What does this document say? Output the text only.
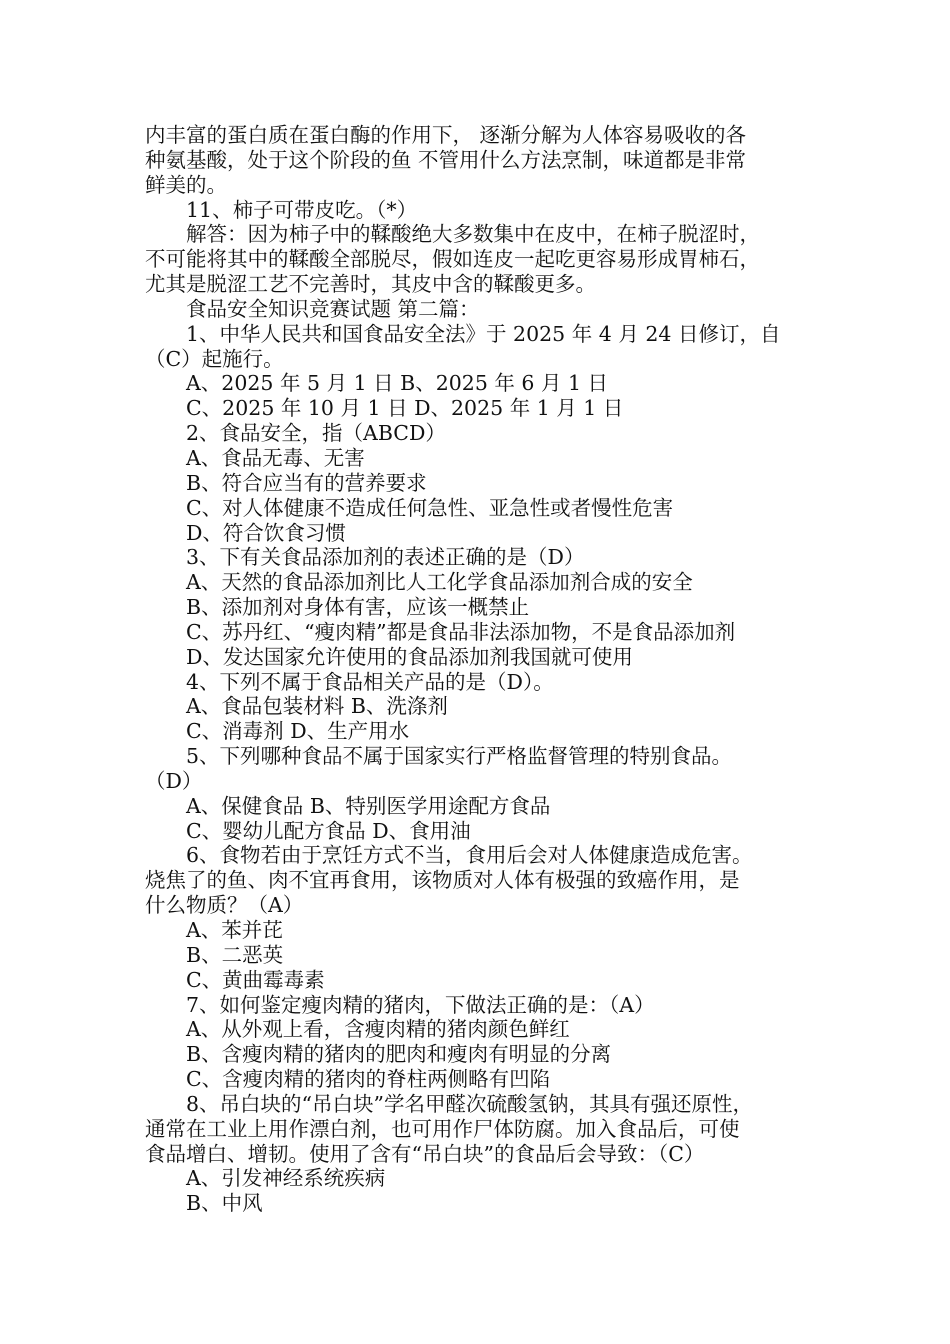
内丰富的蛋白质在蛋白酶的作用下， 逐渐分解为人体容易吸收的各
种氨基酸，处于这个阶段的鱼 不管用什么方法烹制，味道都是非常
鲜美的。
11、柿子可带皮吃。（*）
解答：因为柿子中的鞣酸绝大多数集中在皮中，在柿子脱涩时，
不可能将其中的鞣酸全部脱尽，假如连皮一起吃更容易形成胃柿石，
尤其是脱涩工艺不完善时，其皮中含的鞣酸更多。
食品安全知识竞赛试题 第二篇：
1、中华人民共和国食品安全法》于 2025 年 4 月 24 日修订，自
（C）起施行。
A、2025 年 5 月 1 日 B、2025 年 6 月 1 日
C、2025 年 10 月 1 日 D、2025 年 1 月 1 日
2、食品安全，指（ABCD）
A、食品无毒、无害
B、符合应当有的营养要求
C、对人体健康不造成任何急性、亚急性或者慢性危害
D、符合饮食习惯
3、下有关食品添加剂的表述正确的是（D）
A、天然的食品添加剂比人工化学食品添加剂合成的安全
B、添加剂对身体有害，应该一概禁止
C、苏丹红、“瘦肉精”都是食品非法添加物，不是食品添加剂
D、发达国家允许使用的食品添加剂我国就可使用
4、下列不属于食品相关产品的是（D）。
A、食品包装材料 B、洗涤剂
C、消毒剂 D、生产用水
5、下列哪种食品不属于国家实行严格监督管理的特别食品。
（D）
A、保健食品 B、特别医学用途配方食品
C、婴幼儿配方食品 D、食用油
6、食物若由于烹饪方式不当，食用后会对人体健康造成危害。
烧焦了的鱼、肉不宜再食用，该物质对人体有极强的致癌作用，是
什么物质？（A）
A、苯并芘
B、二恶英
C、黄曲霉毒素
7、如何鉴定瘦肉精的猪肉，下做法正确的是：（A）
A、从外观上看，含瘦肉精的猪肉颜色鲜红
B、含瘦肉精的猪肉的肥肉和瘦肉有明显的分离
C、含瘦肉精的猪肉的脊柱两侧略有凹陷
8、吊白块的“吊白块”学名甲醛次硫酸氢钠，其具有强还原性，
通常在工业上用作漂白剂，也可用作尸体防腐。加入食品后，可使
食品增白、增韧。使用了含有“吊白块”的食品后会导致：（C）
A、引发神经系统疾病
B、中风
